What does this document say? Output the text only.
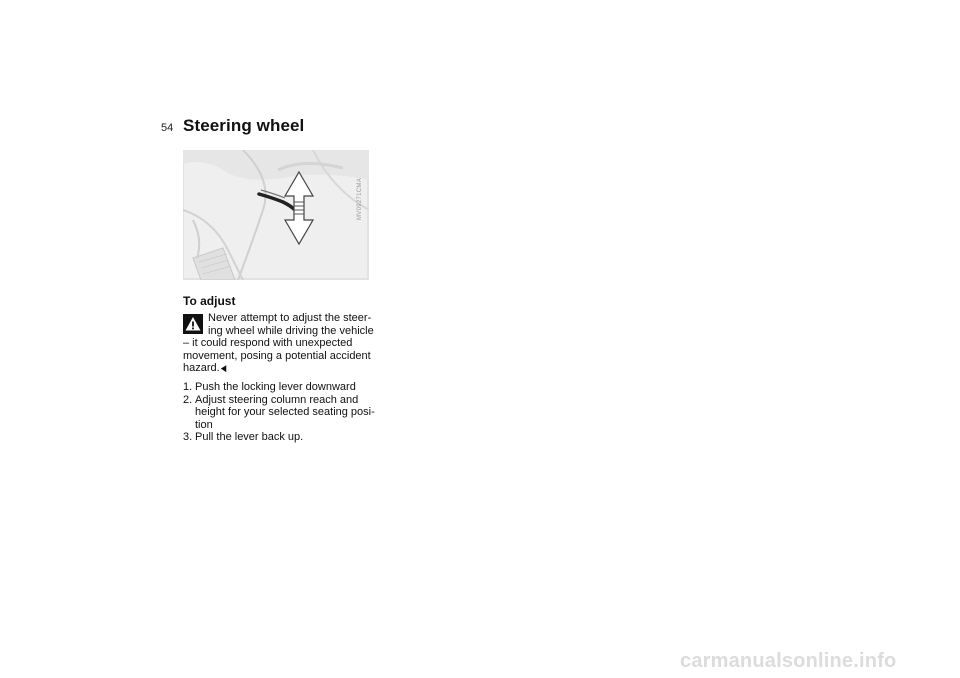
54 Steering wheel
MV09271CMA
To adjust
Never attempt to adjust the steer-
ing wheel while driving the vehicle
– it could respond with unexpected
movement, posing a potential accident
hazard.◀
1. Push the locking lever downward
2. Adjust steering column reach and height for your selected seating posi-tion
3. Pull the lever back up.
carmanualsonline.info
